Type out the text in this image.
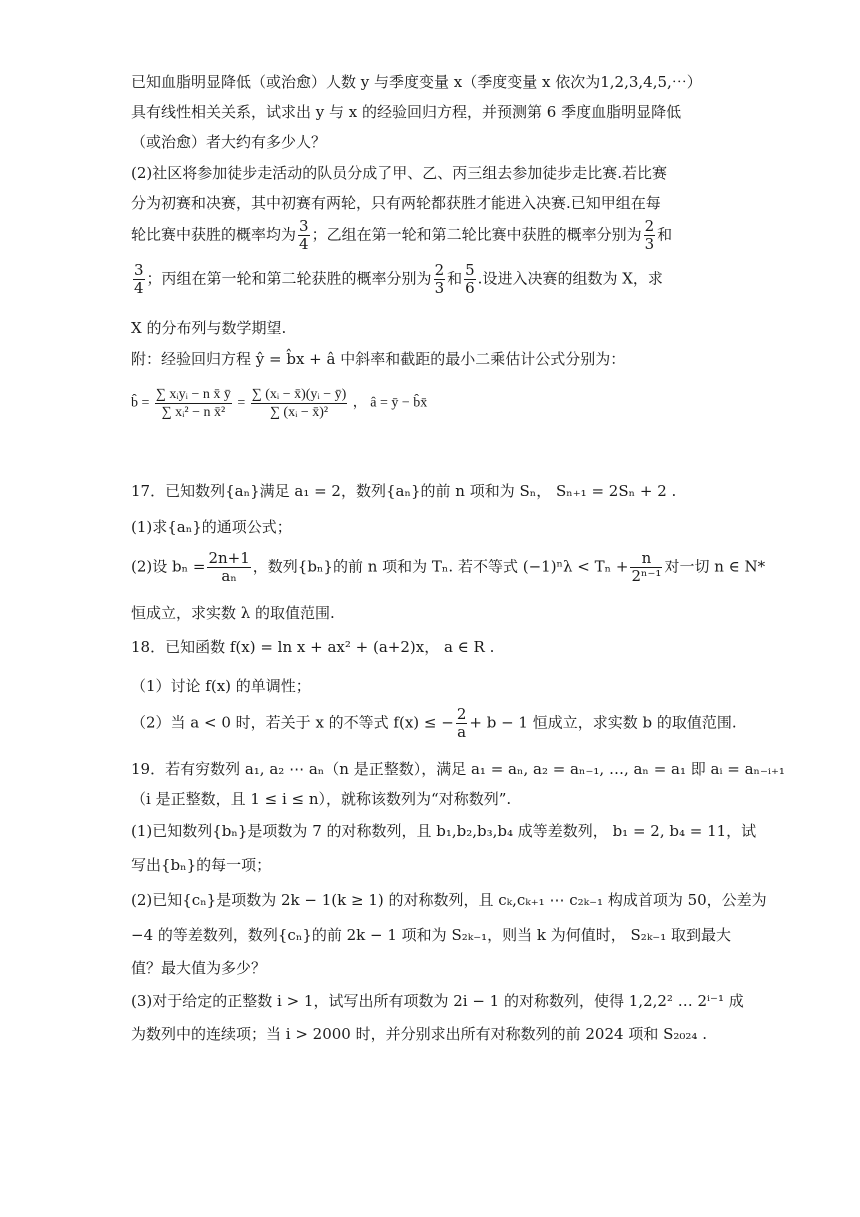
已知血脂明显降低（或治愈）人数 y 与季度变量 x（季度变量 x 依次为1,2,3,4,5,⋯）
具有线性相关关系，试求出 y 与 x 的经验回归方程，并预测第 6 季度血脂明显降低
（或治愈）者大约有多少人？
(2)社区将参加徒步走活动的队员分成了甲、乙、丙三组去参加徒步走比赛.若比赛
分为初赛和决赛，其中初赛有两轮，只有两轮都获胜才能进入决赛.已知甲组在每
轮比赛中获胜的概率均为 $\frac{3}{4}$ ；乙组在第一轮和第二轮比赛中获胜的概率分别为 $\frac{2}{3}$ 和
$\frac{3}{4}$ ；丙组在第一轮和第二轮获胜的概率分别为 $\frac{2}{3}$ 和 $\frac{5}{6}$ .设进入决赛的组数为 X，求
X 的分布列与数学期望.
附：经验回归方程 ŷ = b̂x + â 中斜率和截距的最小二乘估计公式分别为：
b̂ = $\frac{\text{∑ xᵢyᵢ − n x̄ ȳ}}{\text{∑ xᵢ² − n x̄²}} = \frac{\text{∑ (xᵢ − x̄)(yᵢ − ȳ)}}{\text{∑ (xᵢ − x̄)²}}$ ， â = ȳ − b̂x̄
17．已知数列{aₙ}满足 a₁ = 2，数列{aₙ}的前 n 项和为 Sₙ， Sₙ₊₁ = 2Sₙ + 2 .
(1)求{aₙ}的通项公式；
(2)设 $b_n = \frac{2n+1}{\text{aₙ}}$ ，数列{bₙ}的前 n 项和为 Tₙ. 若不等式 $(-1)^n\lambda < T_n + \frac{n}{\text{2ⁿ⁻¹}}$ 对一切 n ∈ N*
恒成立，求实数 λ 的取值范围.
18．已知函数 f(x) = ln x + ax² + (a+2)x， a ∈ R .
（1）讨论 f(x) 的单调性；
（2）当 a < 0 时，若关于 x 的不等式 f(x) ≤ − $\frac{2}{a} + b - 1$ 恒成立，求实数 b 的取值范围.
19．若有穷数列 a₁, a₂ ⋯ aₙ（n 是正整数），满足 a₁ = aₙ, a₂ = aₙ₋₁, …, aₙ = a₁ 即 aᵢ = aₙ₋ᵢ₊₁
（i 是正整数，且 1 ≤ i ≤ n），就称该数列为“对称数列”.
(1)已知数列{bₙ}是项数为 7 的对称数列，且 b₁,b₂,b₃,b₄ 成等差数列， b₁ = 2, b₄ = 11，试
写出{bₙ}的每一项；
(2)已知{cₙ}是项数为 2k − 1(k ≥ 1) 的对称数列，且 cₖ,cₖ₊₁ ⋯ c₂ₖ₋₁ 构成首项为 50，公差为
−4 的等差数列，数列{cₙ}的前 2k − 1 项和为 S₂ₖ₋₁，则当 k 为何值时， S₂ₖ₋₁ 取到最大
值？最大值为多少？
(3)对于给定的正整数 i > 1，试写出所有项数为 2i − 1 的对称数列，使得 1,2,2² … 2ⁱ⁻¹ 成
为数列中的连续项；当 i > 2000 时，并分别求出所有对称数列的前 2024 项和 S₂₀₂₄ .
